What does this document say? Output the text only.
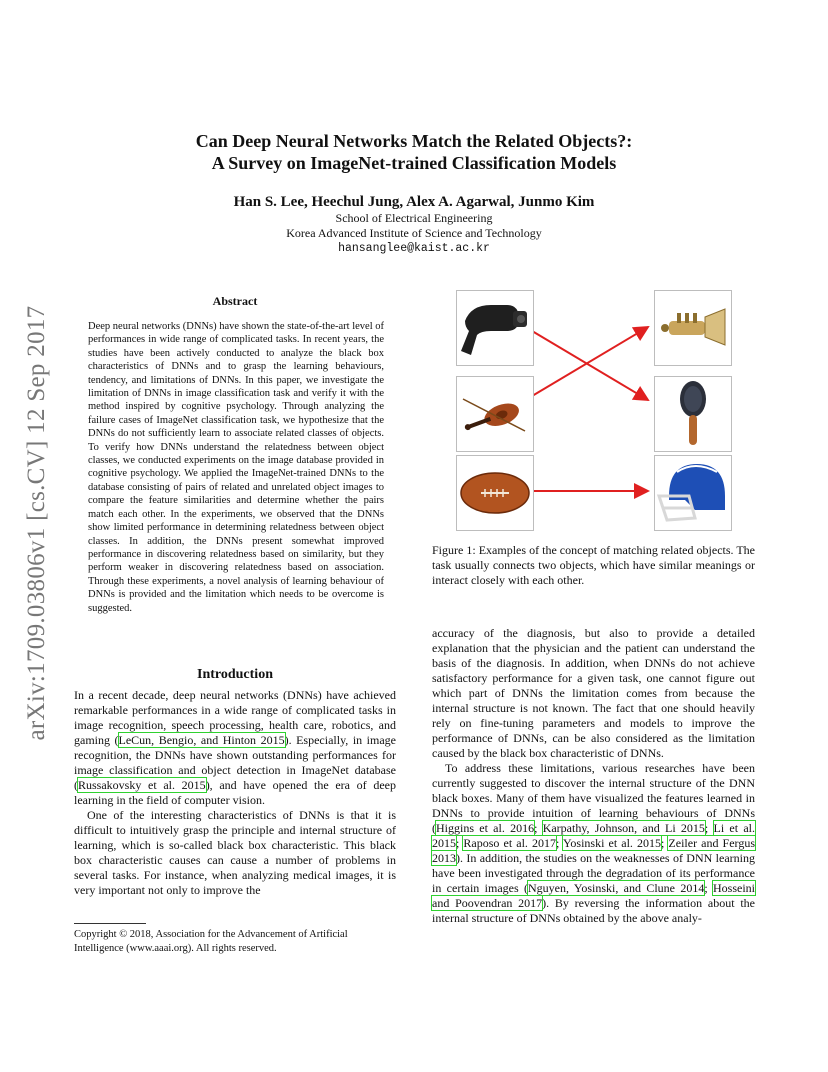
arXiv:1709.03806v1 [cs.CV] 12 Sep 2017
Can Deep Neural Networks Match the Related Objects?:
A Survey on ImageNet-trained Classification Models
Han S. Lee, Heechul Jung, Alex A. Agarwal, Junmo Kim
School of Electrical Engineering
Korea Advanced Institute of Science and Technology
hansanglee@kaist.ac.kr
Abstract

Deep neural networks (DNNs) have shown the state-of-the-art level of performances in wide range of complicated tasks. In recent years, the studies have been actively conducted to analyze the black box characteristics of DNNs and to grasp the learning behaviours, tendency, and limitations of DNNs. In this paper, we investigate the limitation of DNNs in image classification task and verify it with the method inspired by cognitive psychology. Through analyzing the failure cases of ImageNet classification task, we hypothesize that the DNNs do not sufficiently learn to associate related classes of objects. To verify how DNNs understand the relatedness between object classes, we conducted experiments on the image database provided in cognitive psychology. We applied the ImageNet-trained DNNs to the database consisting of pairs of related and unrelated object images to compare the feature similarities and determine whether the pairs match each other. In the experiments, we observed that the DNNs show limited performance in determining relatedness between object classes. In addition, the DNNs present somewhat improved performance in discovering relatedness based on similarity, but they perform weaker in discovering relatedness based on association. Through these experiments, a novel analysis of learning behaviour of DNNs is provided and the limitation which needs to be overcome is suggested.

Introduction

In a recent decade, deep neural networks (DNNs) have achieved remarkable performances in a wide range of complicated tasks in image recognition, speech processing, health care, robotics, and gaming (LeCun, Bengio, and Hinton 2015). Especially, in image recognition, the DNNs have shown outstanding performances for image classification and object detection in ImageNet database (Russakovsky et al. 2015), and have opened the era of deep learning in the field of computer vision.

One of the interesting characteristics of DNNs is that it is difficult to intuitively grasp the principle and internal structure of learning, which is so-called black box characteristic. This black box characteristic causes can cause a number of problems in several tasks. For instance, when analyzing medical images, it is very important not only to improve the

Copyright © 2018, Association for the Advancement of Artificial Intelligence (www.aaai.org). All rights reserved.

Figure 1: Examples of the concept of matching related objects. The task usually connects two objects, which have similar meanings or interact closely with each other.

accuracy of the diagnosis, but also to provide a detailed explanation that the physician and the patient can understand the basis of the diagnosis. In addition, when DNNs do not achieve satisfactory performance for a given task, one cannot figure out which part of DNNs the limitation comes from because the internal structure is not known. The fact that one should heavily rely on fine-tuning parameters and models to improve the performance of DNNs, can be also considered as the limitation caused by the black box characteristic of DNNs.

To address these limitations, various researches have been currently suggested to discover the internal structure of the DNN black boxes. Many of them have visualized the features learned in DNNs to provide intuition of learning behaviours of DNNs (Higgins et al. 2016; Karpathy, Johnson, and Li 2015; Li et al. 2015; Raposo et al. 2017; Yosinski et al. 2015; Zeiler and Fergus 2013). In addition, the studies on the weaknesses of DNN learning have been investigated through the degradation of its performance in certain images (Nguyen, Yosinski, and Clune 2014; Hosseini and Poovendran 2017). By reversing the information about the internal structure of DNNs obtained by the above analy-
